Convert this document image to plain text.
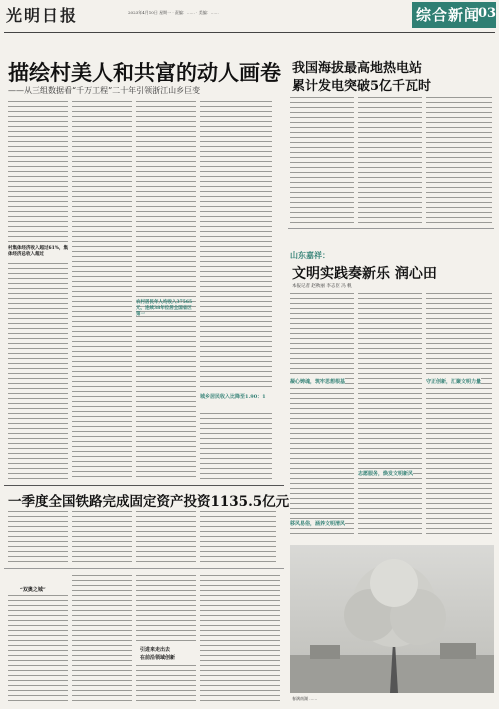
光明日报	2023年4月10日 星期一 · 责编：…… · 美编：……	综合新闻
03
描绘村美人和共富的动人画卷
——从三组数据看“千万工程”二十年引领浙江山乡巨变
村集体经济收入超过61%，集体经济总收入超过
农村居民年人均收入37565元，连续38年位居全国省区第一
城乡居民收入比降至1.90：1
我国海拔最高地热电站
累计发电突破5亿千瓦时
山东嘉祥：
文明实践奏新乐 润心田
本报记者 赵秋丽 李志臣 冯 帆
凝心铸魂，筑牢思想根基
志愿服务，焕发文明新风
移风易俗，涵养文明清风
守正创新，汇聚文明力量
一季度全国铁路完成固定资产投资1135.5亿元
“双奥之城”
引进来走出去
在前沿领域创新
春满南湖 ……
